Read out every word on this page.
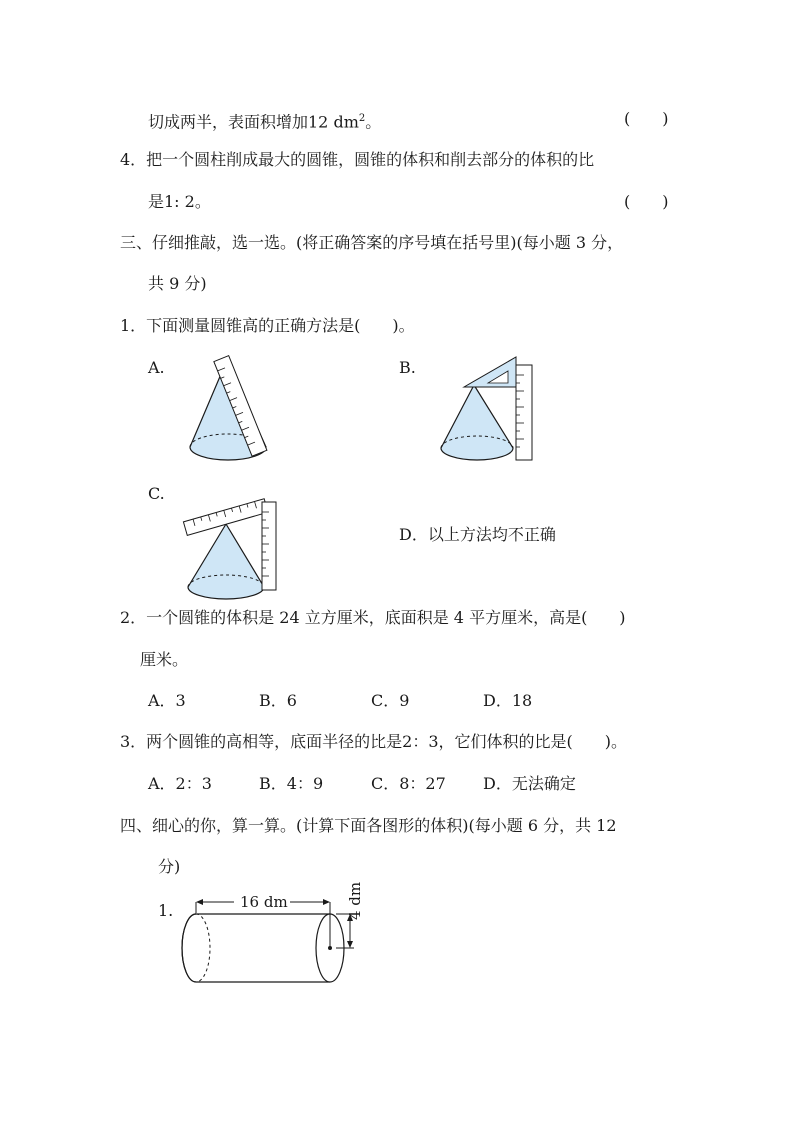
切成两半，表面积增加12 $dm^2$。	(　　)
4．把一个圆柱削成最大的圆锥，圆锥的体积和削去部分的体积的比
是1: 2。	(　　)
三、仔细推敲，选一选。(将正确答案的序号填在括号里)(每小题 3 分，
共 9 分)
1．下面测量圆锥高的正确方法是(　　)。
A.	B.
C.
D．以上方法均不正确
2．一个圆锥的体积是 24 立方厘米，底面积是 4 平方厘米，高是(　　)
厘米。
A．3	B．6	C．9	D．18
3．两个圆锥的高相等，底面半径的比是2：3，它们体积的比是(　　)。
A．2：3	B．4：9	C．8：27 D．无法确定
四、细心的你，算一算。(计算下面各图形的体积)(每小题 6 分，共 12
分)
1.	16 dm	4 dm
